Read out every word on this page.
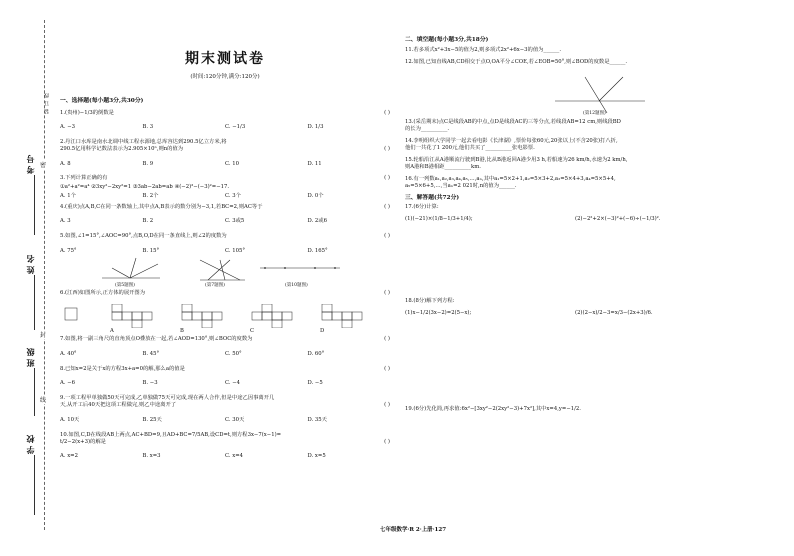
考号
姓名
班级
学校
密
封
线
装订线
期末测试卷
(时间:120分钟,满分:120分)
一、选择题(每小题3分,共30分)
1.(贵州)−1/3的倒数是	( )
A. −3	B. 3	C. −1/3	D. 1/3
2.丹江口水库是南水北调中线工程水源地,总库容达到290.5亿立方米,将
290.5亿用科学记数法表示为2.905×10ⁿ,则n的值为	( )
A. 8	B. 9	C. 10	D. 11
3.下列计算正确的有	( )
①a²+a²=a⁴ ②3xy²−2xy²=1 ③3ab−2ab=ab ④(−2)³−(−3)²=−17.
A. 1个	B. 2个	C. 3个	D. 0个
4.(重庆)点A,B,C在同一条数轴上,其中点A,B表示的数分别为−3,1,若BC=2,则AC等于	( )
A. 3	B. 2	C. 3或5	D. 2或6
5.如图,∠1=15°,∠AOC=90°,点B,O,D在同一条直线上,则∠2的度数为	( )
A. 75°	B. 15°	C. 105°	D. 165°
(第5题图)	(第7题图)	(第10题图)
6.(江西)如图所示,正方体的展开图为	( )
A	B	C	D
7.如图,将一副三角尺的直角顶点O叠放在一起,若∠AOD=130°,则∠BOC的度数为	( )
A. 40°	B. 45°	C. 50°	D. 60°
8.已知x=2是关于x的方程3x+a=0的解,那么a的值是	( )
A. −6	B. −3	C. −4	D. −5
9.一项工程甲单独做50天可完成,乙单独做75天可完成,现在两人合作,但是中途乙因事离开几
天,从开工后40天把这项工程做完,则乙中途离开了	( )
A. 10天	B. 25天	C. 30天	D. 35天
10.如图,C,D在线段AB上两点,AC+BD=9,且AD+BC=7/5AB,设CD=t,则方程3x−7(x−1)=
t/2−2(x+3)的解是	( )
A. x=2	B. x=3	C. x=4	D. x=5
二、填空题(每小题3分,共18分)
11.若多项式x²+3x−5的值为2,则多项式2x²+6x−3的值为______.
12.如图,已知直线AB,CD相交于点O,OA平分∠COE,若∠EOB=50°,则∠BOD的度数是______.
(第12题图)
13.(采岳期末)点C是线段AB的中点,点D是线段AC的三等分点,若线段AB=12 cm,则线段BD
的长为__________.
14.李明组织大学同学一起去看电影《长津湖》,票价每张60元,20张以上(不含20张)打八折,
他们一共花了1 200元,他们共买了__________张电影票.
15.轮船沿江从A港顺流行驶到B港,比从B港返回A港少用3 h,若船速为26 km/h,水速为2 km/h,
则A港和B港相距__________km.
16.有一列数a₁,a₂,a₃,a₄,a₅,…,aₙ,其中a₁=5×2+1,a₂=5×3+2,a₃=5×4+3,a₄=5×5+4,
a₅=5×6+5,…,当aₙ=2 021时,n的值为______.
三、解答题(共72分)
17.(6分)计算:
(1)(−21)×(1/8−1/3+1/4);	(2)−2²+2×(−3)²+(−6)÷(−1/3)².
18.(8分)解下列方程:
(1)x−1/2(3x−2)=2(5−x);	(2)(2−x)/2−3=x/3−(2x+3)/6.
19.(6分)先化简,再求值:6x²−[3xy²−2(2xy²−3)+7x²],其中x=4,y=−1/2.
七年级数学·R 2·上册·127
